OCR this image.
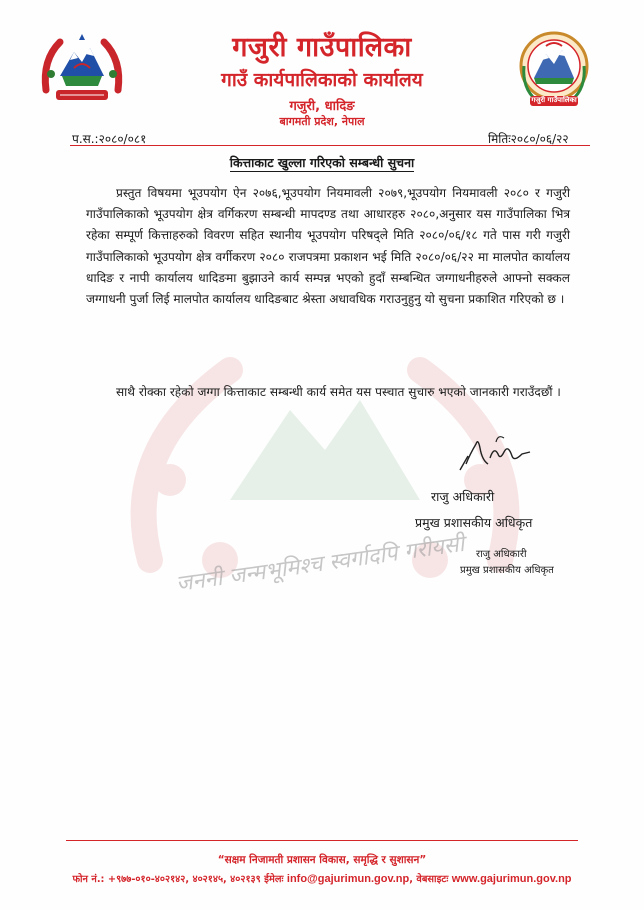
गजुरी गाउँपालिका
गजुरी गाउँपालिका
गाउँ कार्यपालिकाको कार्यालय
गजुरी, धादिङ
बागमती प्रदेश, नेपाल
प.स.:२०८०/०८१	मितिः२०८०/०६/२२
कित्ताकाट खुल्ला गरिएको सम्बन्धी सुचना
जननी जन्मभूमिश्च स्वर्गादपि गरीयसी
प्रस्तुत विषयमा भूउपयोग ऐन २०७६,भूउपयोग नियमावली २०७९,भूउपयोग नियमावली २०८० र गजुरी गाउँपालिकाको भूउपयोग क्षेत्र वर्गिकरण सम्बन्धी मापदण्ड तथा आधारहरु २०८०,अनुसार यस गाउँपालिका भित्र रहेका सम्पूर्ण कित्ताहरुको विवरण सहित स्थानीय भूउपयोग परिषद्ले मिति २०८०/०६/१८ गते पास गरी गजुरी गाउँपालिकाको भूउपयोग क्षेत्र वर्गीकरण २०८० राजपत्रमा प्रकाशन भई मिति २०८०/०६/२२ मा मालपोत कार्यालय धादिङ र नापी कार्यालय धादिङमा बुझाउने कार्य सम्पन्न भएको हुदाँ सम्बन्धित जग्गाधनीहरुले आफ्नो सक्कल जग्गाधनी पुर्जा लिई मालपोत कार्यालय धादिङबाट श्रेस्ता अधावधिक गराउनुहुनु यो सुचना प्रकाशित गरिएको छ ।
साथै रोक्का रहेको जग्गा कित्ताकाट सम्बन्धी कार्य समेत यस पस्चात सुचारु भएको जानकारी गराउँदछौं ।
राजु अधिकारी
प्रमुख प्रशासकीय अधिकृत
राजु अधिकारी
प्रमुख प्रशासकीय अधिकृत
“सक्षम निजामती प्रशासन विकास, समृद्धि र सुशासन”
फोन नं.: +९७७-०१०-४०२१४२, ४०२१४५, ४०२१३९ ईमेलः info@gajurimun.gov.np, वेबसाइटः www.gajurimun.gov.np
